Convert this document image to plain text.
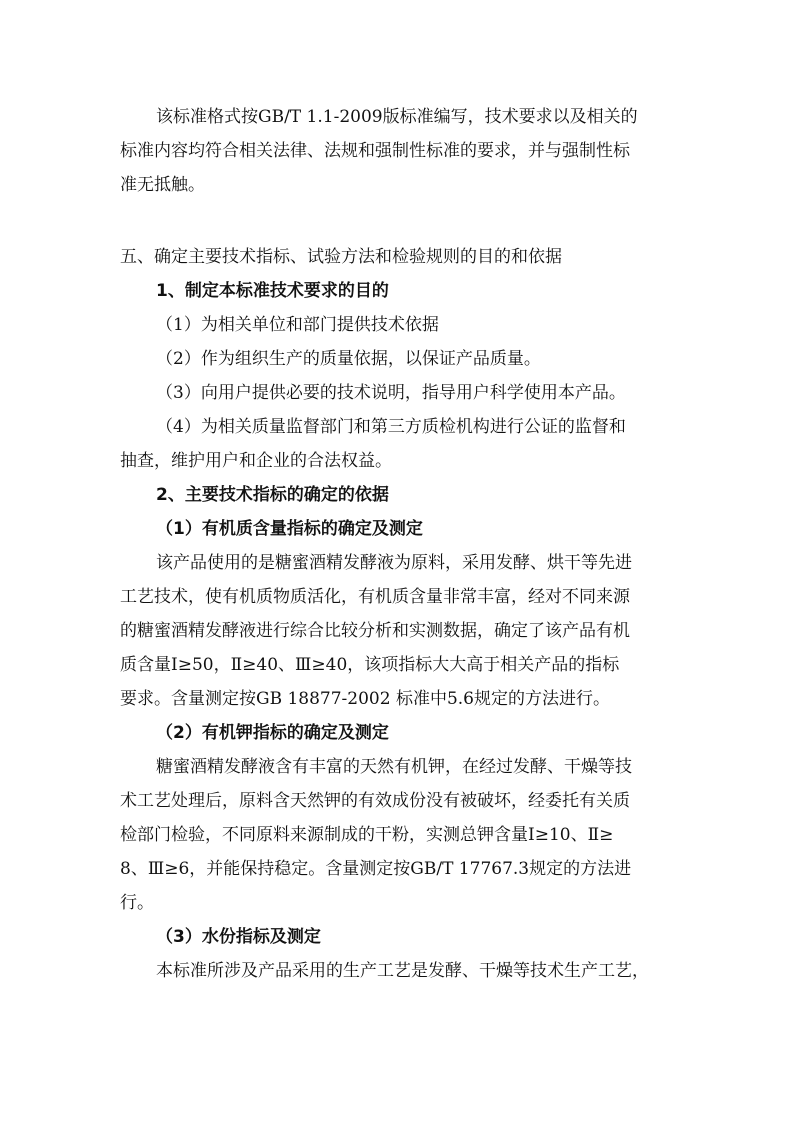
该标准格式按GB/T 1.1-2009版标准编写，技术要求以及相关的
标准内容均符合相关法律、法规和强制性标准的要求，并与强制性标
准无抵触。
五、确定主要技术指标、试验方法和检验规则的目的和依据
1、制定本标准技术要求的目的
（1）为相关单位和部门提供技术依据
（2）作为组织生产的质量依据，以保证产品质量。
（3）向用户提供必要的技术说明，指导用户科学使用本产品。
（4）为相关质量监督部门和第三方质检机构进行公证的监督和
抽查，维护用户和企业的合法权益。
2、主要技术指标的确定的依据
（1）有机质含量指标的确定及测定
该产品使用的是糖蜜酒精发酵液为原料，采用发酵、烘干等先进
工艺技术，使有机质物质活化，有机质含量非常丰富，经对不同来源
的糖蜜酒精发酵液进行综合比较分析和实测数据，确定了该产品有机
质含量Ⅰ≥50，Ⅱ≥40、Ⅲ≥40，该项指标大大高于相关产品的指标
要求。含量测定按GB 18877-2002 标准中5.6规定的方法进行。
（2）有机钾指标的确定及测定
糖蜜酒精发酵液含有丰富的天然有机钾，在经过发酵、干燥等技
术工艺处理后，原料含天然钾的有效成份没有被破坏，经委托有关质
检部门检验，不同原料来源制成的干粉，实测总钾含量Ⅰ≥10、Ⅱ≥
8、Ⅲ≥6，并能保持稳定。含量测定按GB/T 17767.3规定的方法进
行。
（3）水份指标及测定
本标准所涉及产品采用的生产工艺是发酵、干燥等技术生产工艺，
